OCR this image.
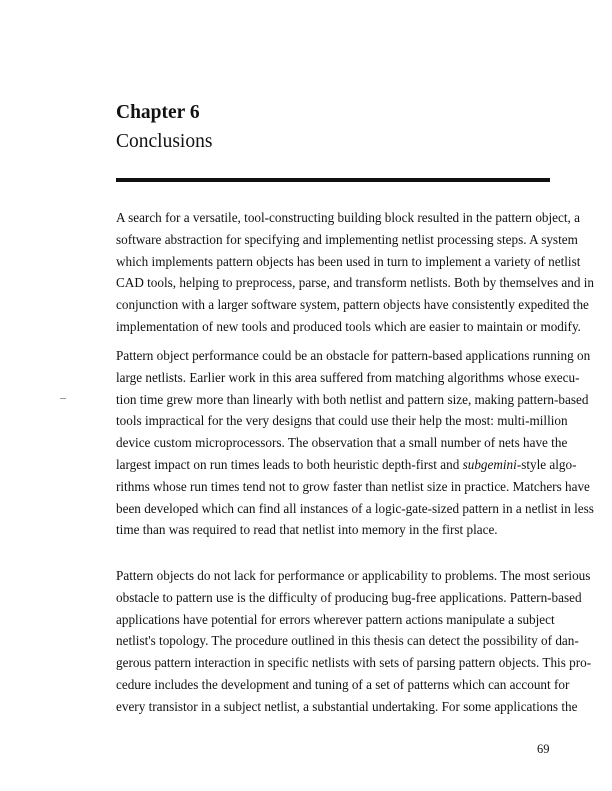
Chapter 6
Conclusions
A search for a versatile, tool-constructing building block resulted in the pattern object, a
software abstraction for specifying and implementing netlist processing steps. A system
which implements pattern objects has been used in turn to implement a variety of netlist
CAD tools, helping to preprocess, parse, and transform netlists. Both by themselves and in
conjunction with a larger software system, pattern objects have consistently expedited the
implementation of new tools and produced tools which are easier to maintain or modify.
Pattern object performance could be an obstacle for pattern-based applications running on
large netlists. Earlier work in this area suffered from matching algorithms whose execu-
tion time grew more than linearly with both netlist and pattern size, making pattern-based
tools impractical for the very designs that could use their help the most: multi-million
device custom microprocessors. The observation that a small number of nets have the
largest impact on run times leads to both heuristic depth-first and subgemini-style algo-
rithms whose run times tend not to grow faster than netlist size in practice. Matchers have
been developed which can find all instances of a logic-gate-sized pattern in a netlist in less
time than was required to read that netlist into memory in the first place.
Pattern objects do not lack for performance or applicability to problems. The most serious
obstacle to pattern use is the difficulty of producing bug-free applications. Pattern-based
applications have potential for errors wherever pattern actions manipulate a subject
netlist's topology. The procedure outlined in this thesis can detect the possibility of dan-
gerous pattern interaction in specific netlists with sets of parsing pattern objects. This pro-
cedure includes the development and tuning of a set of patterns which can account for
every transistor in a subject netlist, a substantial undertaking. For some applications the
69
